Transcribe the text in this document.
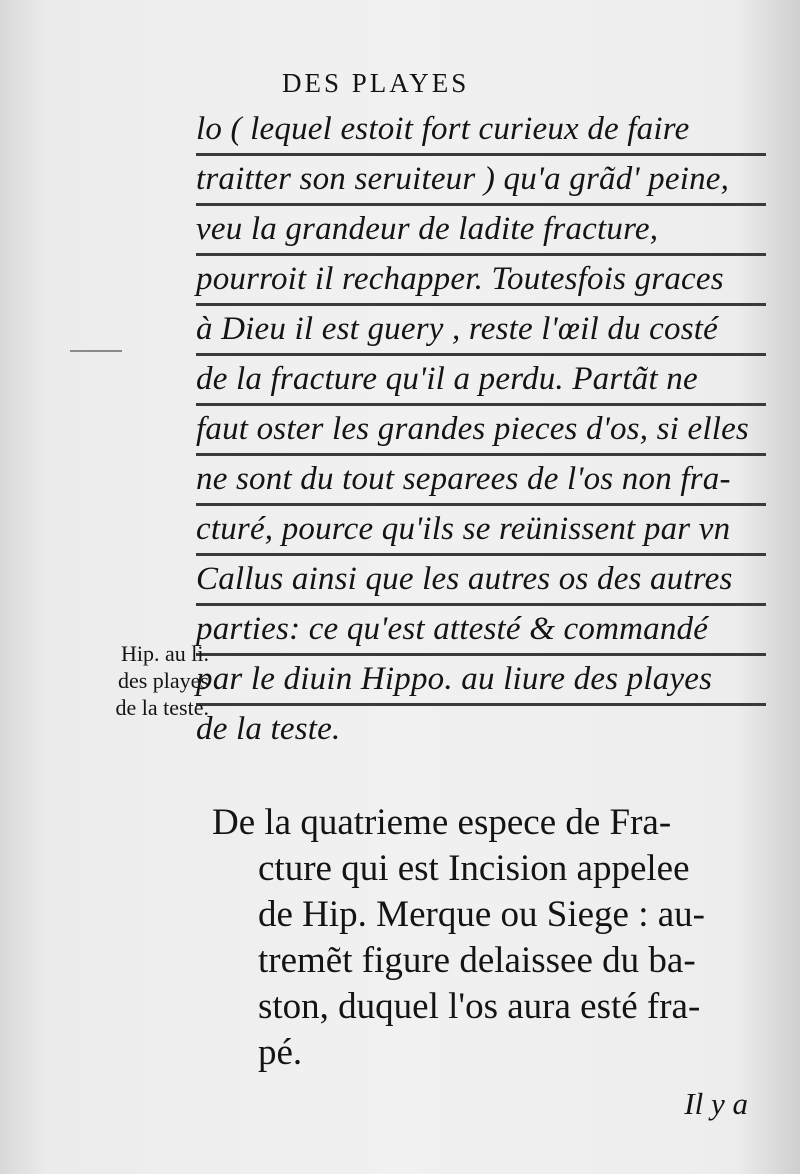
DES PLAYES
lo ( lequel estoit fort curieux de faire
traitter son seruiteur ) qu'a grãd' peine,
veu la grandeur de ladite fracture,
pourroit il rechapper. Toutesfois graces
à Dieu il est guery , reste l'œil du costé
de la fracture qu'il a perdu. Partãt ne
faut oster les grandes pieces d'os, si elles
ne sont du tout separees de l'os non fra-
cturé, pource qu'ils se reünissent par vn
Callus ainsi que les autres os des autres
parties: ce qu'est attesté & commandé
par le diuin Hippo. au liure des playes
de la teste.
Hip. au li.
des playes
de la teste.
De la quatrieme espece de Fra-
cture qui est Incision appelee
de Hip. Merque ou Siege : au-
tremẽt figure delaissee du ba-
ston, duquel l'os aura esté fra-
pé.
Il y a
